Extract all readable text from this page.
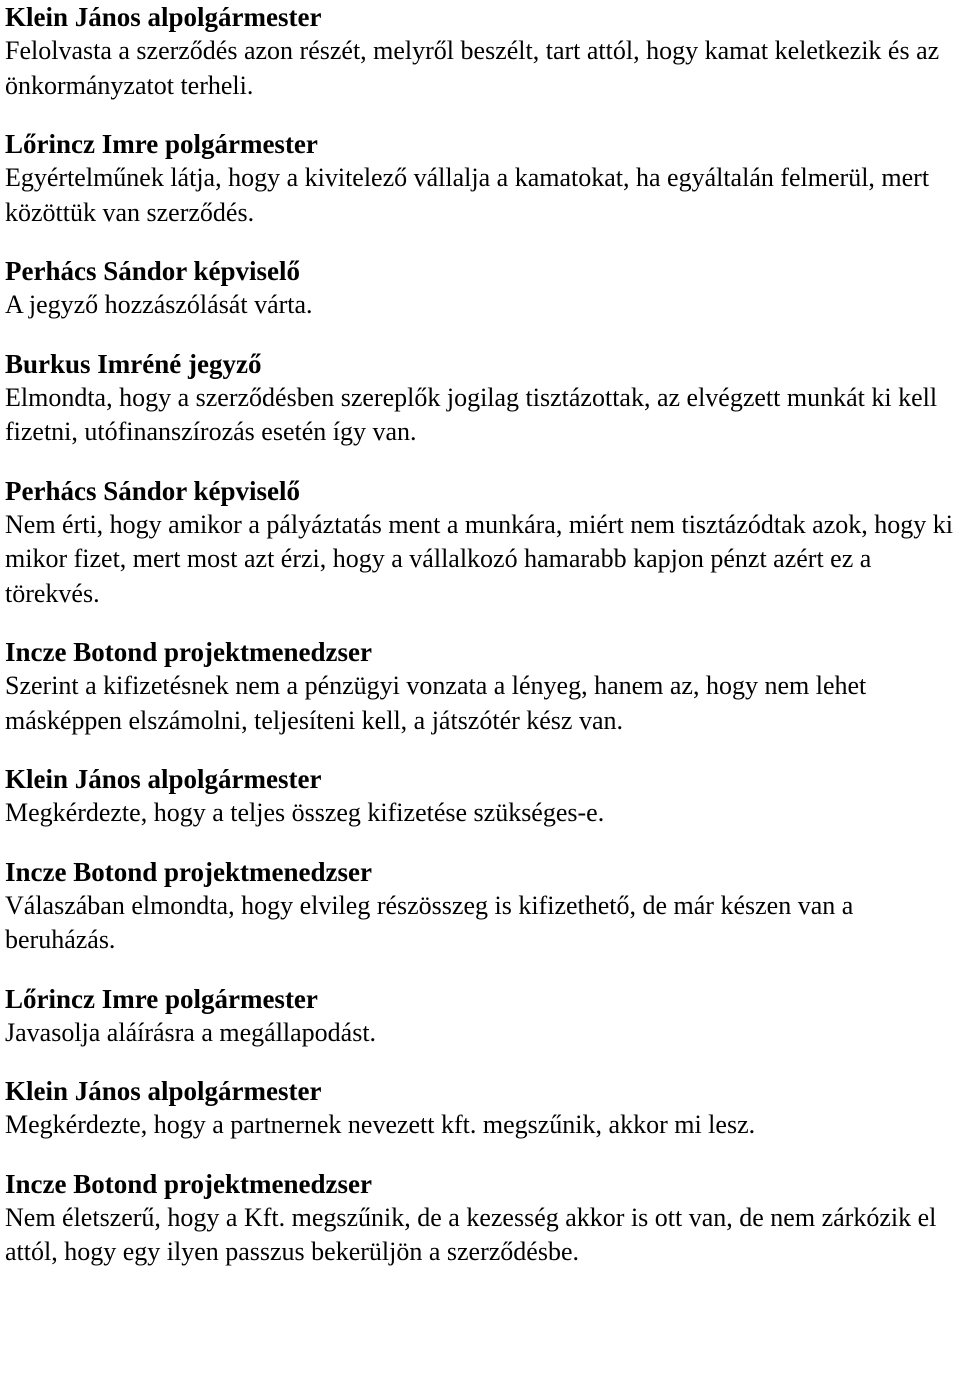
Klein János alpolgármester
Felolvasta a szerződés azon részét, melyről beszélt, tart attól, hogy kamat keletkezik és az önkormányzatot terheli.
Lőrincz Imre polgármester
Egyértelműnek látja, hogy a kivitelező vállalja a kamatokat, ha egyáltalán felmerül, mert közöttük van szerződés.
Perhács Sándor képviselő
A jegyző hozzászólását várta.
Burkus Imréné jegyző
Elmondta, hogy a szerződésben szereplők jogilag tisztázottak, az elvégzett munkát ki kell fizetni, utófinanszírozás esetén így van.
Perhács Sándor képviselő
Nem érti, hogy amikor a pályáztatás ment a munkára, miért nem tisztázódtak azok, hogy ki mikor fizet, mert most azt érzi, hogy a vállalkozó hamarabb kapjon pénzt azért ez a törekvés.
Incze Botond projektmenedzser
Szerint a kifizetésnek nem a pénzügyi vonzata a lényeg, hanem az, hogy nem lehet másképpen elszámolni, teljesíteni kell, a játszótér kész van.
Klein János alpolgármester
Megkérdezte, hogy a teljes összeg kifizetése szükséges-e.
Incze Botond projektmenedzser
Válaszában elmondta, hogy elvileg részösszeg is kifizethető, de már készen van a beruházás.
Lőrincz Imre polgármester
Javasolja aláírásra a megállapodást.
Klein János alpolgármester
Megkérdezte, hogy a partnernek nevezett kft. megszűnik, akkor mi lesz.
Incze Botond projektmenedzser
Nem életszerű, hogy a Kft. megszűnik, de a kezesség akkor is ott van, de nem zárkózik el attól, hogy egy ilyen passzus bekerüljön a szerződésbe.
